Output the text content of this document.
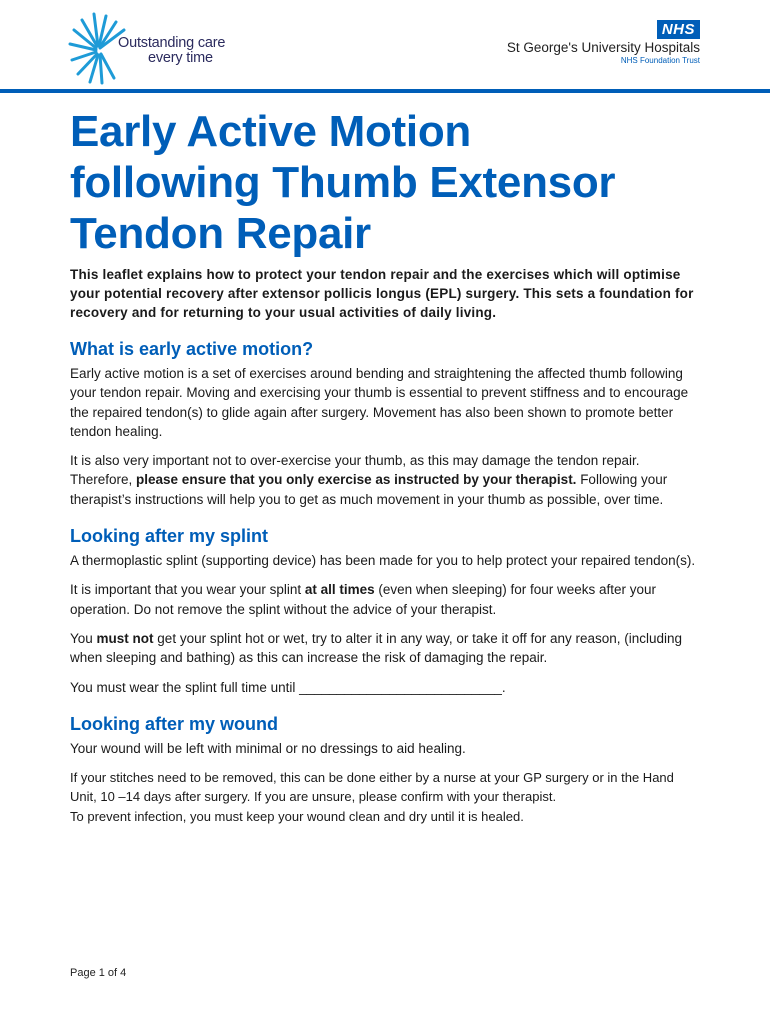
Outstanding care
every time
NHS
St George's University Hospitals
NHS Foundation Trust
Early Active Motion
following Thumb Extensor
Tendon Repair

This leaflet explains how to protect your tendon repair and the exercises which will optimise your potential recovery after extensor pollicis longus (EPL) surgery. This sets a foundation for recovery and for returning to your usual activities of daily living.

What is early active motion?

Early active motion is a set of exercises around bending and straightening the affected thumb following your tendon repair. Moving and exercising your thumb is essential to prevent stiffness and to encourage the repaired tendon(s) to glide again after surgery. Movement has also been shown to promote better tendon healing.

It is also very important not to over-exercise your thumb, as this may damage the tendon repair. Therefore, please ensure that you only exercise as instructed by your therapist. Following your therapist’s instructions will help you to get as much movement in your thumb as possible, over time.

Looking after my splint

A thermoplastic splint (supporting device) has been made for you to help protect your repaired tendon(s).

It is important that you wear your splint at all times (even when sleeping) for four weeks after your operation. Do not remove the splint without the advice of your therapist.

You must not get your splint hot or wet, try to alter it in any way, or take it off for any reason, (including when sleeping and bathing) as this can increase the risk of damaging the repair.

You must wear the splint full time until ___________________________.

Looking after my wound

Your wound will be left with minimal or no dressings to aid healing.

If your stitches need to be removed, this can be done either by a nurse at your GP surgery or in the Hand Unit, 10 –14 days after surgery. If you are unsure, please confirm with your therapist.
To prevent infection, you must keep your wound clean and dry until it is healed.

Page 1 of 4
